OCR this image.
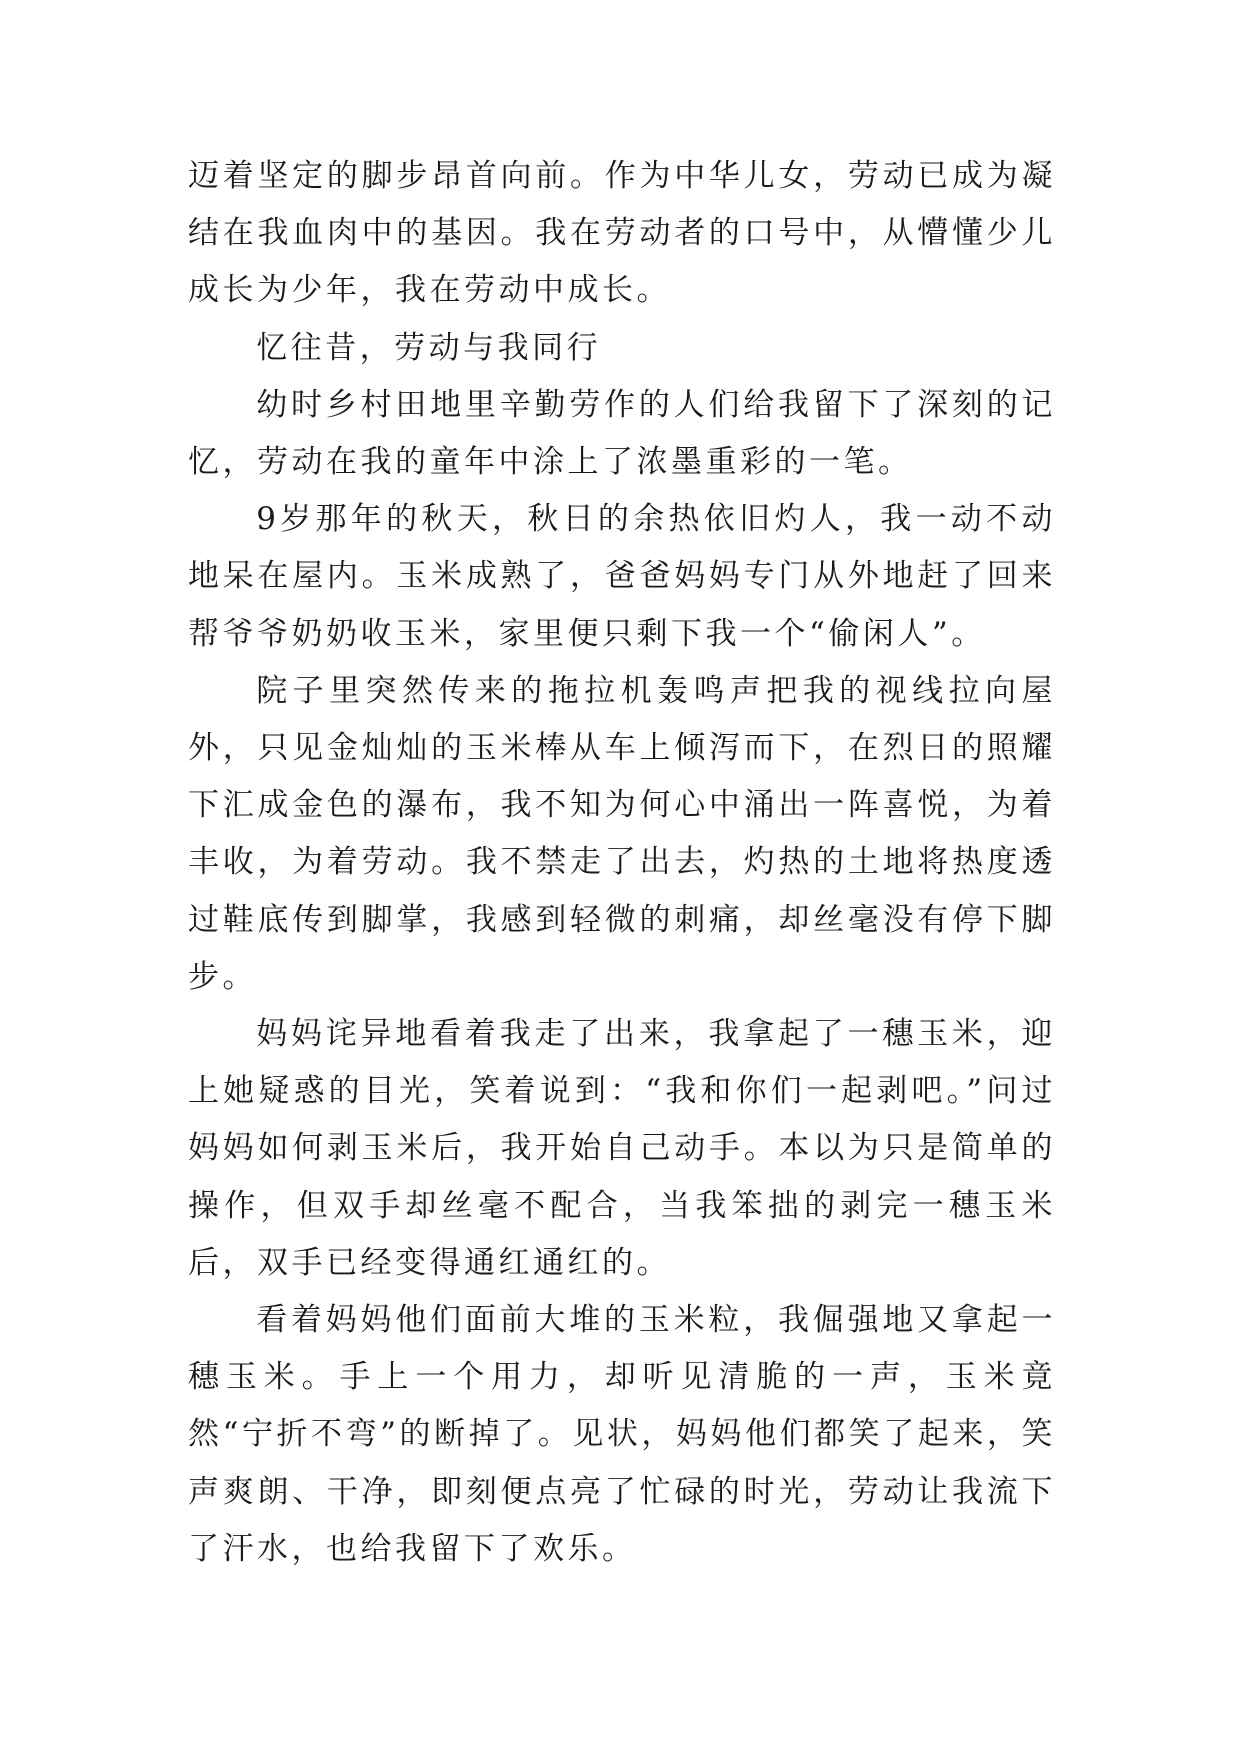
迈着坚定的脚步昂首向前。作为中华儿女，劳动已成为凝结在我血肉中的基因。我在劳动者的口号中，从懵懂少儿成长为少年，我在劳动中成长。

忆往昔，劳动与我同行

幼时乡村田地里辛勤劳作的人们给我留下了深刻的记忆，劳动在我的童年中涂上了浓墨重彩的一笔。

9岁那年的秋天，秋日的余热依旧灼人，我一动不动地呆在屋内。玉米成熟了，爸爸妈妈专门从外地赶了回来帮爷爷奶奶收玉米，家里便只剩下我一个“偷闲人”。

院子里突然传来的拖拉机轰鸣声把我的视线拉向屋外，只见金灿灿的玉米棒从车上倾泻而下，在烈日的照耀下汇成金色的瀑布，我不知为何心中涌出一阵喜悦，为着丰收，为着劳动。我不禁走了出去，灼热的土地将热度透过鞋底传到脚掌，我感到轻微的刺痛，却丝毫没有停下脚步。

妈妈诧异地看着我走了出来，我拿起了一穗玉米，迎上她疑惑的目光，笑着说到：“我和你们一起剥吧。”问过妈妈如何剥玉米后，我开始自己动手。本以为只是简单的操作，但双手却丝毫不配合，当我笨拙的剥完一穗玉米后，双手已经变得通红通红的。

看着妈妈他们面前大堆的玉米粒，我倔强地又拿起一穗玉米。手上一个用力，却听见清脆的一声，玉米竟然“宁折不弯”的断掉了。见状，妈妈他们都笑了起来，笑声爽朗、干净，即刻便点亮了忙碌的时光，劳动让我流下了汗水，也给我留下了欢乐。
